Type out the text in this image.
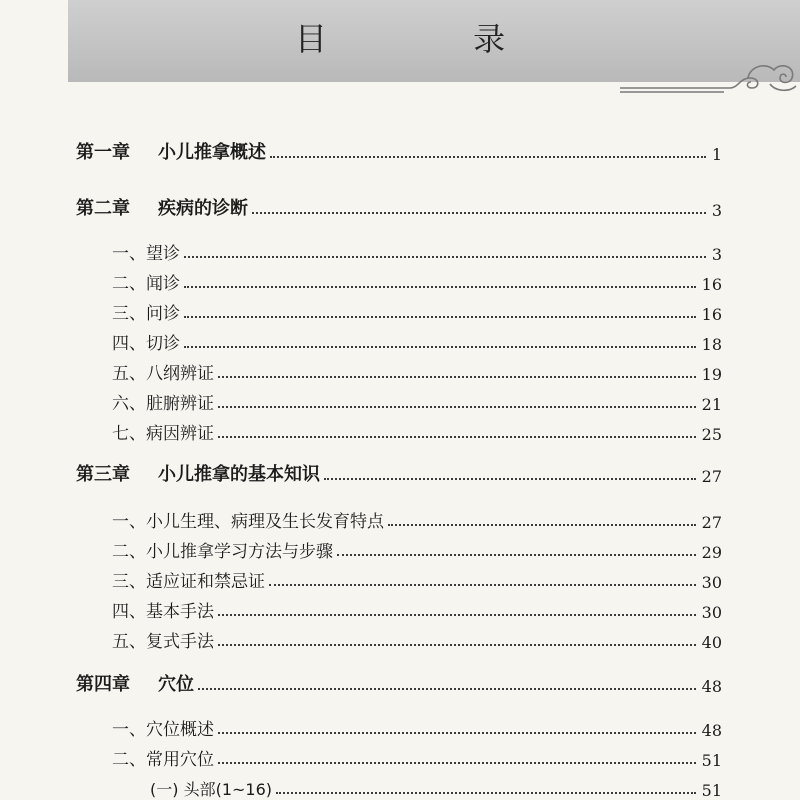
目 录
第一章 小儿推拿概述	1
第二章 疾病的诊断	3
一、望诊	3
二、闻诊	16
三、问诊	16
四、切诊	18
五、八纲辨证	19
六、脏腑辨证	21
七、病因辨证	25
第三章 小儿推拿的基本知识	27
一、小儿生理、病理及生长发育特点	27
二、小儿推拿学习方法与步骤	29
三、适应证和禁忌证	30
四、基本手法	30
五、复式手法	40
第四章 穴位	48
一、穴位概述	48
二、常用穴位	51
(一) 头部(1~16)	51
